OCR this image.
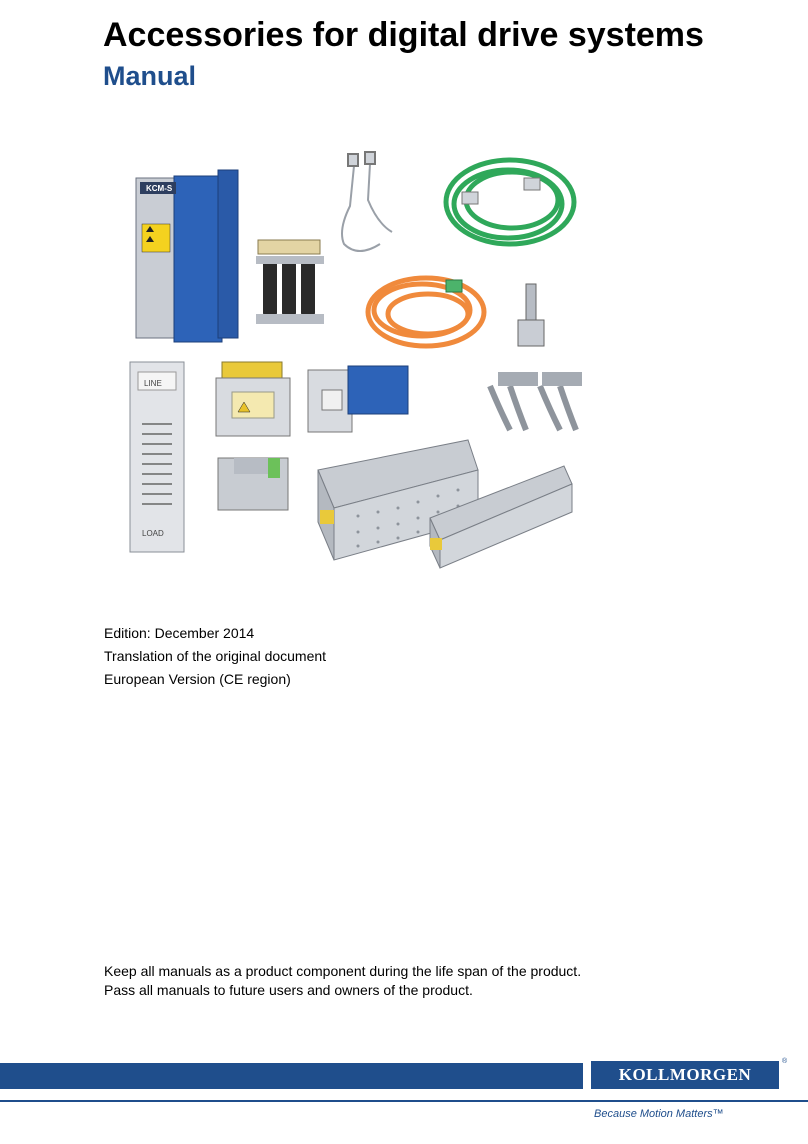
Accessories for digital drive systems
Manual
KCM-S
LINE
LOAD
Edition: December 2014
Translation of the original document
European Version (CE region)
Keep all manuals as a product component during the life span of the product.
Pass all manuals to future users and owners of the product.
KOLLMORGEN
®
Because Motion Matters™
